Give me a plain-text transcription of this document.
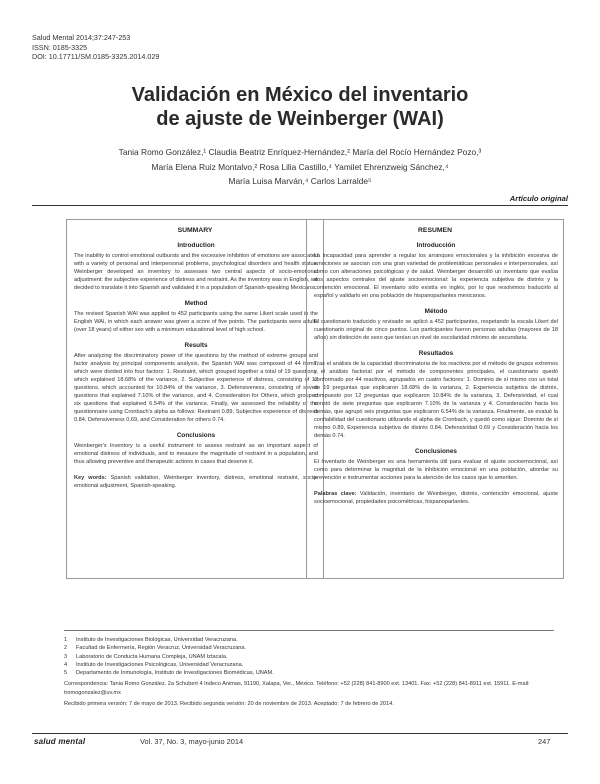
Salud Mental 2014;37:247-253
ISSN: 0185-3325
DOI: 10.17711/SM.0185-3325.2014.029
Validación en México del inventario
de ajuste de Weinberger (WAI)
Tania Romo González,¹ Claudia Beatriz Enríquez-Hernández,² María del Rocío Hernández Pozo,³
María Elena Ruiz Montalvo,² Rosa Lilia Castillo,⁴ Yamilet Ehrenzweig Sánchez,⁴
María Luisa Marván,⁴ Carlos Larralde⁵
Artículo original
SUMMARY
Introduction

The inability to control emotional outbursts and the excessive inhibition of emotions are associated with a variety of personal and interpersonal problems, psychological disorders and health status. Weinberger developed an inventory to assesses two central aspects of socio-emotional adjustment: the subjective experience of distress and restraint. As the inventory was in English, we decided to translate it into Spanish and validated it in a population of Spanish-speaking Mexicans.

Method

The revised Spanish WAI was applied to 452 participants using the same Likert scale used in the English WAI, in which each answer was given a score of five points. The participants were adults (over 18 years) of either sex with a minimum educational level of high school.

Results

After analyzing the discriminatory power of the questions by the method of extreme groups and factor analysis by principal components analysis, the Spanish WAI was composed of 44 items, which were divided into four factors: 1. Restraint, which grouped together a total of 19 questions, which explained 18.68% of the variance, 2. Subjective experience of distress, consisting of 12 questions, which accounted for 10.84% of the variance, 3. Defensiveness, consisting of seven questions that explained 7.10% of the variance, and 4. Consideration for Others, which grouped six questions that explained 6.54% of the variance. Finally, we assessed the reliability of the questionnaire using Cronbach's alpha as follows: Restraint 0.89, Subjective experience of distress 0.84, Defensiveness 0.69, and Consideration for others 0.74.

Conclusions

Weinberger's Inventory is a useful instrument to assess restraint as an important aspect of emotional distress of individuals, and to measure the magnitude of restraint in a population, and thus allowing preventive and therapeutic actions in cases that deserve it.

Key words: Spanish validation, Weinberger inventory, distress, emotional restraint, socio-emotional adjustment, Spanish-speaking.

RESUMEN
Introducción

La incapacidad para aprender a regular los arranques emocionales y la inhibición excesiva de emociones se asocian con una gran variedad de problemáticas personales e interpersonales, así como con alteraciones psicológicas y de salud. Weinberger desarrolló un inventario que evalúa dos aspectos centrales del ajuste socioemocional: la experiencia subjetiva de distrés y la contención emocional. El inventario sólo existía en inglés, por lo que resolvimos traducirlo al español y validarlo en una población de hispanoparlantes mexicanos.

Método

El cuestionario traducido y revisado se aplicó a 452 participantes, respetando la escala Likert del cuestionario original de cinco puntos. Los participantes fueron personas adultas (mayores de 18 años) sin distinción de sexo que tenían un nivel de escolaridad mínimo de secundaria.

Resultados

Tras el análisis de la capacidad discriminatoria de los reactivos por el método de grupos extremos y el análisis factorial por el método de componentes principales, el cuestionario quedó conformado por 44 reactivos, agrupados en cuatro factores: 1. Dominio de sí mismo con un total de 19 preguntas que explicaron 18.68% de la varianza, 2. Experiencia subjetiva de distrés, compuesto por 12 preguntas que explicaron 10.84% de la varianza, 3. Defensividad, el cual constó de siete preguntas que explicaron 7.10% de la varianza y 4. Consideración hacia los demás, que agrupó seis preguntas que explicaron 6.54% de la varianza. Finalmente, se evaluó la confiabilidad del cuestionario utilizando el alpha de Cronbach, y quedó como sigue: Dominio de sí mismo 0.89, Experiencia subjetiva de distrés 0.84, Defensividad 0.69 y Consideración hacia los demás 0.74.

Conclusiones

El Inventario de Weinberger es una herramienta útil para evaluar el ajuste socioemocional, así como para determinar la magnitud de la inhibición emocional en una población, abordar su prevención e instrumentar acciones para la atención de los casos que lo ameriten.

Palabras clave: Validación, inventario de Weinberger, distrés, contención emocional, ajuste socioemocional, propiedades psicométricas, hispanoparlantes.

1	Instituto de Investigaciones Biológicas, Universidad Veracruzana.
2	Facultad de Enfermería, Región Veracruz, Universidad Veracruzana.
3	Laboratorio de Conducta Humana Compleja, UNAM Iztacala.
4	Instituto de Investigaciones Psicológicas, Universidad Veracruzana.
5	Departamento de Inmunología, Instituto de Investigaciones Biomédicas, UNAM.
Correspondencia: Tania Romo González. 2a Schubert 4 Indeco Animas, 91190, Xalapa, Ver., México. Teléfono: +52 (228) 841-8900 ext. 13401. Fax: +52 (228) 841-8911 ext. 15911. E-mail: tromogonzalez@uv.mx
Recibido primera versión: 7 de mayo de 2013. Recibido segunda versión: 20 de noviembre de 2013. Aceptado: 7 de febrero de 2014.
salud mental	Vol. 37, No. 3, mayo-junio 2014	247
